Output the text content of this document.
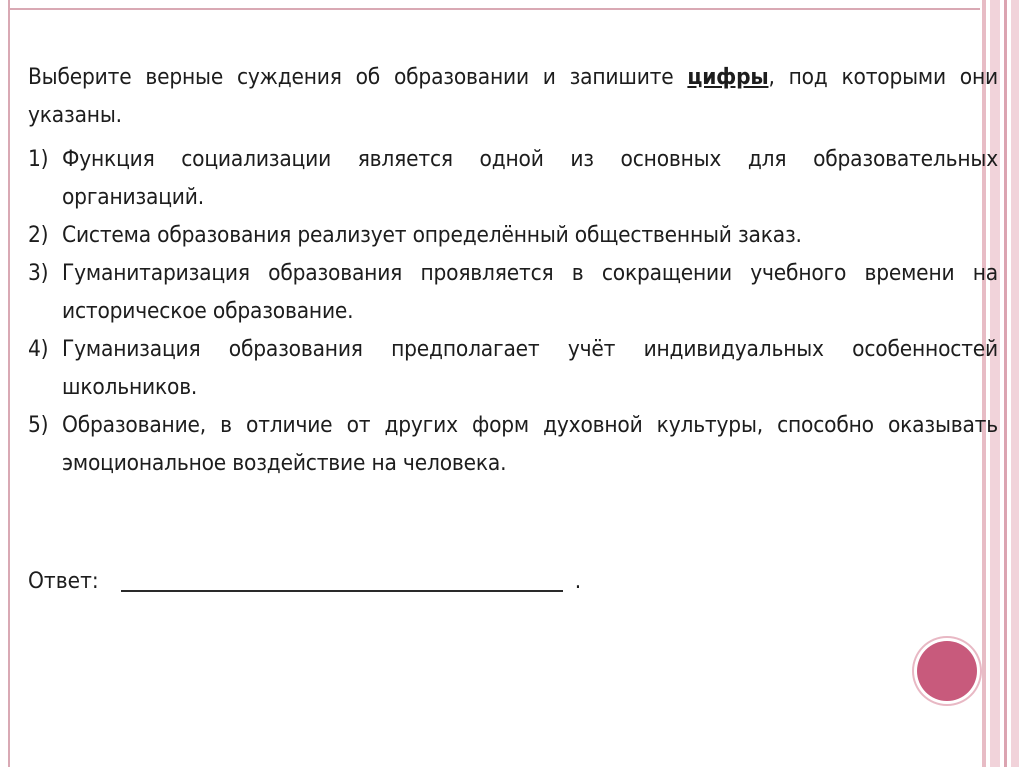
Выберите верные суждения об образовании и запишите цифры, под которыми они указаны.

1) Функция социализации является одной из основных для образовательных организаций.
2) Система образования реализует определённый общественный заказ.
3) Гуманитаризация образования проявляется в сокращении учебного времени на историческое образование.
4) Гуманизация образования предполагает учёт индивидуальных особенностей школьников.
5) Образование, в отличие от других форм духовной культуры, способно оказывать эмоциональное воздействие на человека.
Ответ:	.
